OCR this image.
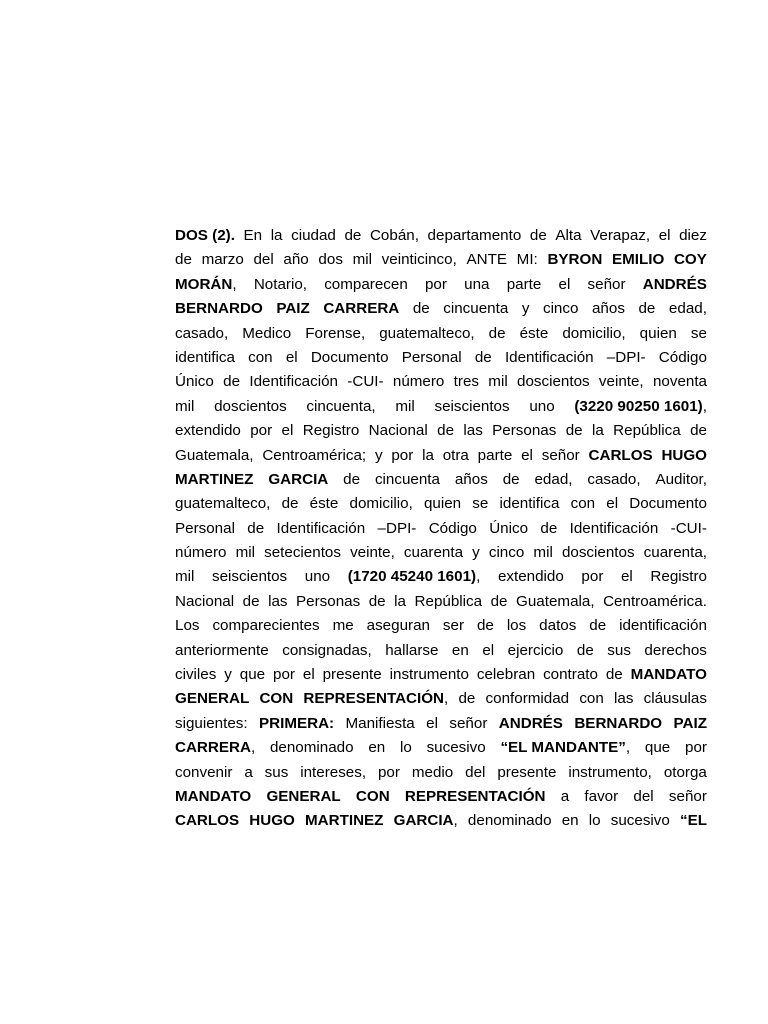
DOS (2). En la ciudad de Cobán, departamento de Alta Verapaz, el diez
de marzo del año dos mil veinticinco, ANTE MI: BYRON EMILIO COY
MORÁN, Notario, comparecen por una parte el señor ANDRÉS
BERNARDO PAIZ CARRERA de cincuenta y cinco años de edad,
casado, Medico Forense, guatemalteco, de éste domicilio, quien se
identifica con el Documento Personal de Identificación –DPI- Código
Único de Identificación -CUI- número tres mil doscientos veinte, noventa
mil doscientos cincuenta, mil seiscientos uno (3220 90250 1601),
extendido por el Registro Nacional de las Personas de la República de
Guatemala, Centroamérica; y por la otra parte el señor CARLOS HUGO
MARTINEZ GARCIA de cincuenta años de edad, casado, Auditor,
guatemalteco, de éste domicilio, quien se identifica con el Documento
Personal de Identificación –DPI- Código Único de Identificación -CUI-
número mil setecientos veinte, cuarenta y cinco mil doscientos cuarenta,
mil seiscientos uno (1720 45240 1601), extendido por el Registro
Nacional de las Personas de la República de Guatemala, Centroamérica.
Los comparecientes me aseguran ser de los datos de identificación
anteriormente consignadas, hallarse en el ejercicio de sus derechos
civiles y que por el presente instrumento celebran contrato de MANDATO
GENERAL CON REPRESENTACIÓN, de conformidad con las cláusulas
siguientes: PRIMERA: Manifiesta el señor ANDRÉS BERNARDO PAIZ
CARRERA, denominado en lo sucesivo “EL MANDANTE”, que por
convenir a sus intereses, por medio del presente instrumento, otorga
MANDATO GENERAL CON REPRESENTACIÓN a favor del señor
CARLOS HUGO MARTINEZ GARCIA, denominado en lo sucesivo “EL
